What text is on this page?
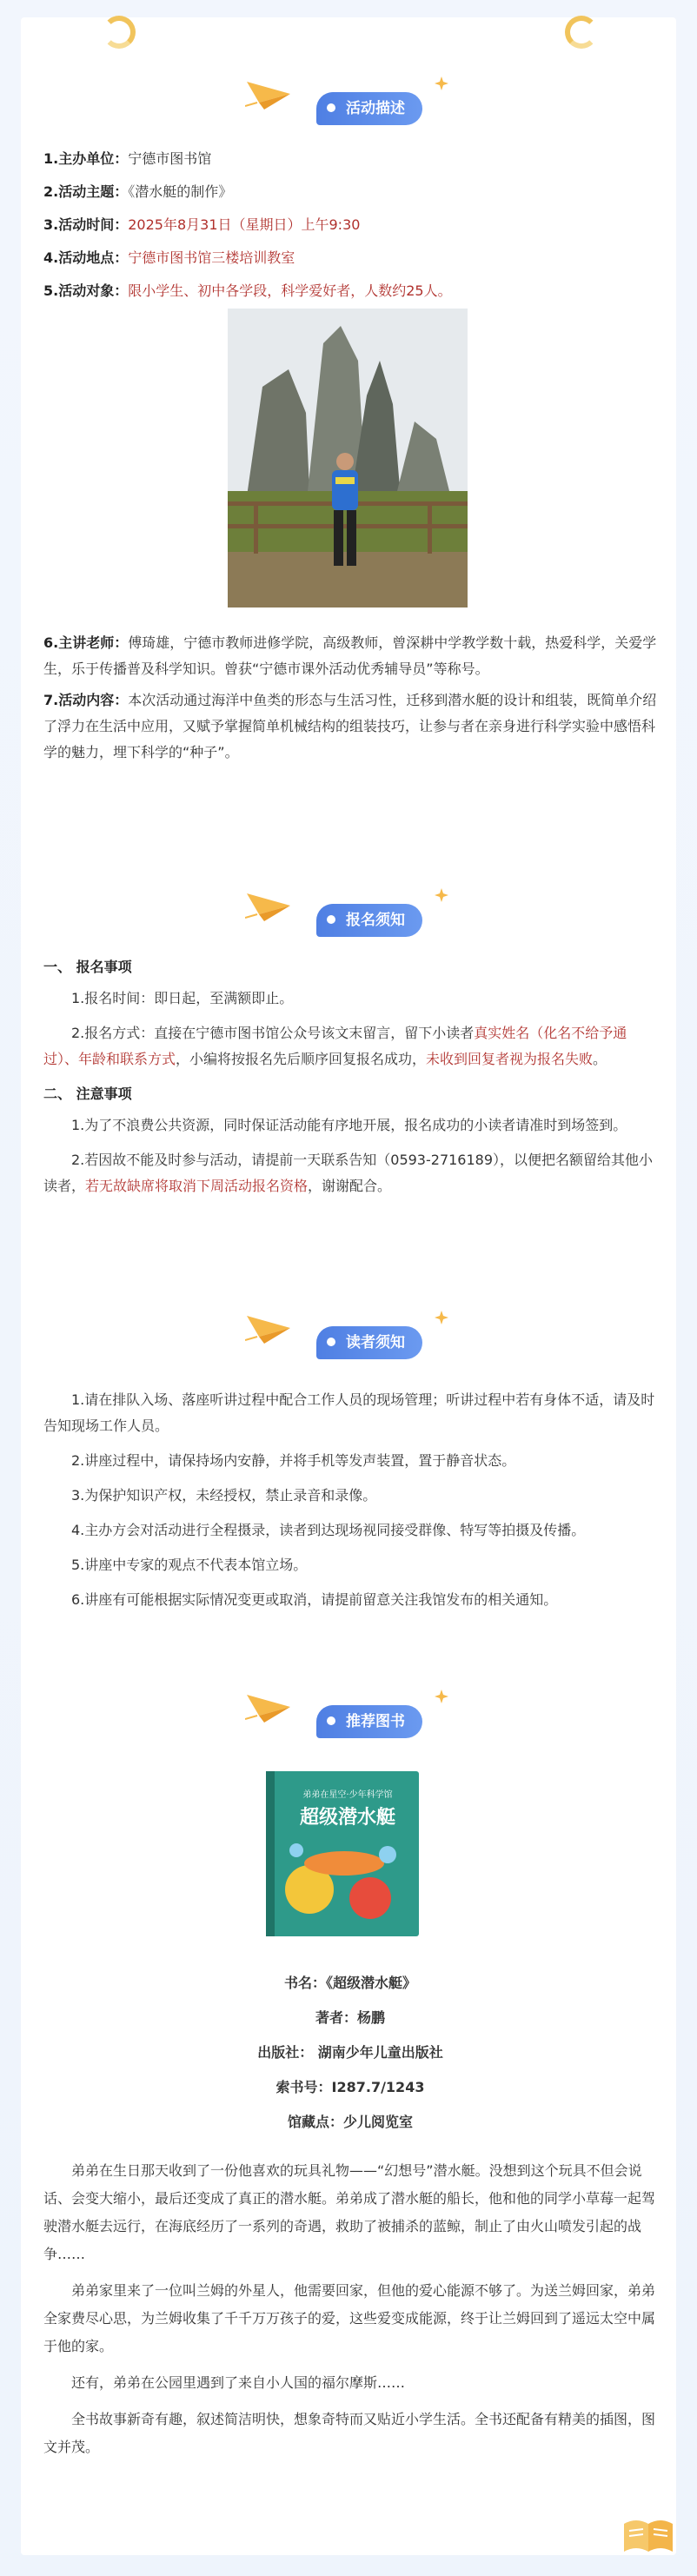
活动描述

1.主办单位：宁德市图书馆

2.活动主题：《潜水艇的制作》

3.活动时间：2025年8月31日（星期日）上午9:30

4.活动地点：宁德市图书馆三楼培训教室

5.活动对象：限小学生、初中各学段，科学爱好者，人数约25人。

6.主讲老师：傅琦雄，宁德市教师进修学院，高级教师，曾深耕中学教学数十载，热爱科学，关爱学生，乐于传播普及科学知识。曾获“宁德市课外活动优秀辅导员”等称号。

7.活动内容：本次活动通过海洋中鱼类的形态与生活习性，迁移到潜水艇的设计和组装，既简单介绍了浮力在生活中应用，又赋予掌握简单机械结构的组装技巧，让参与者在亲身进行科学实验中感悟科学的魅力，埋下科学的“种子”。

报名须知

一、 报名事项

1.报名时间：即日起，至满额即止。

2.报名方式：直接在宁德市图书馆公众号该文末留言，留下小读者真实姓名（化名不给予通过）、年龄和联系方式，小编将按报名先后顺序回复报名成功，未收到回复者视为报名失败。

二、 注意事项

1.为了不浪费公共资源，同时保证活动能有序地开展，报名成功的小读者请准时到场签到。

2.若因故不能及时参与活动，请提前一天联系告知（0593-2716189），以便把名额留给其他小读者，若无故缺席将取消下周活动报名资格，谢谢配合。

读者须知

1.请在排队入场、落座听讲过程中配合工作人员的现场管理；听讲过程中若有身体不适，请及时告知现场工作人员。

2.讲座过程中，请保持场内安静，并将手机等发声装置，置于静音状态。

3.为保护知识产权，未经授权，禁止录音和录像。

4.主办方会对活动进行全程摄录，读者到达现场视同接受群像、特写等拍摄及传播。

5.讲座中专家的观点不代表本馆立场。

6.讲座有可能根据实际情况变更或取消，请提前留意关注我馆发布的相关通知。

推荐图书
弟弟在星空·少年科学馆
超级潜水艇

书名：《超级潜水艇》

著者：杨鹏

出版社： 湖南少年儿童出版社

索书号：I287.7/1243

馆藏点：少儿阅览室

弟弟在生日那天收到了一份他喜欢的玩具礼物——“幻想号”潜水艇。没想到这个玩具不但会说话、会变大缩小，最后还变成了真正的潜水艇。弟弟成了潜水艇的船长，他和他的同学小草莓一起驾驶潜水艇去远行，在海底经历了一系列的奇遇，救助了被捕杀的蓝鲸，制止了由火山喷发引起的战争……

弟弟家里来了一位叫兰姆的外星人，他需要回家，但他的爱心能源不够了。为送兰姆回家，弟弟全家费尽心思，为兰姆收集了千千万万孩子的爱，这些爱变成能源，终于让兰姆回到了遥远太空中属于他的家。

还有，弟弟在公园里遇到了来自小人国的福尔摩斯……

全书故事新奇有趣，叙述简洁明快，想象奇特而又贴近小学生活。全书还配备有精美的插图，图文并茂。
